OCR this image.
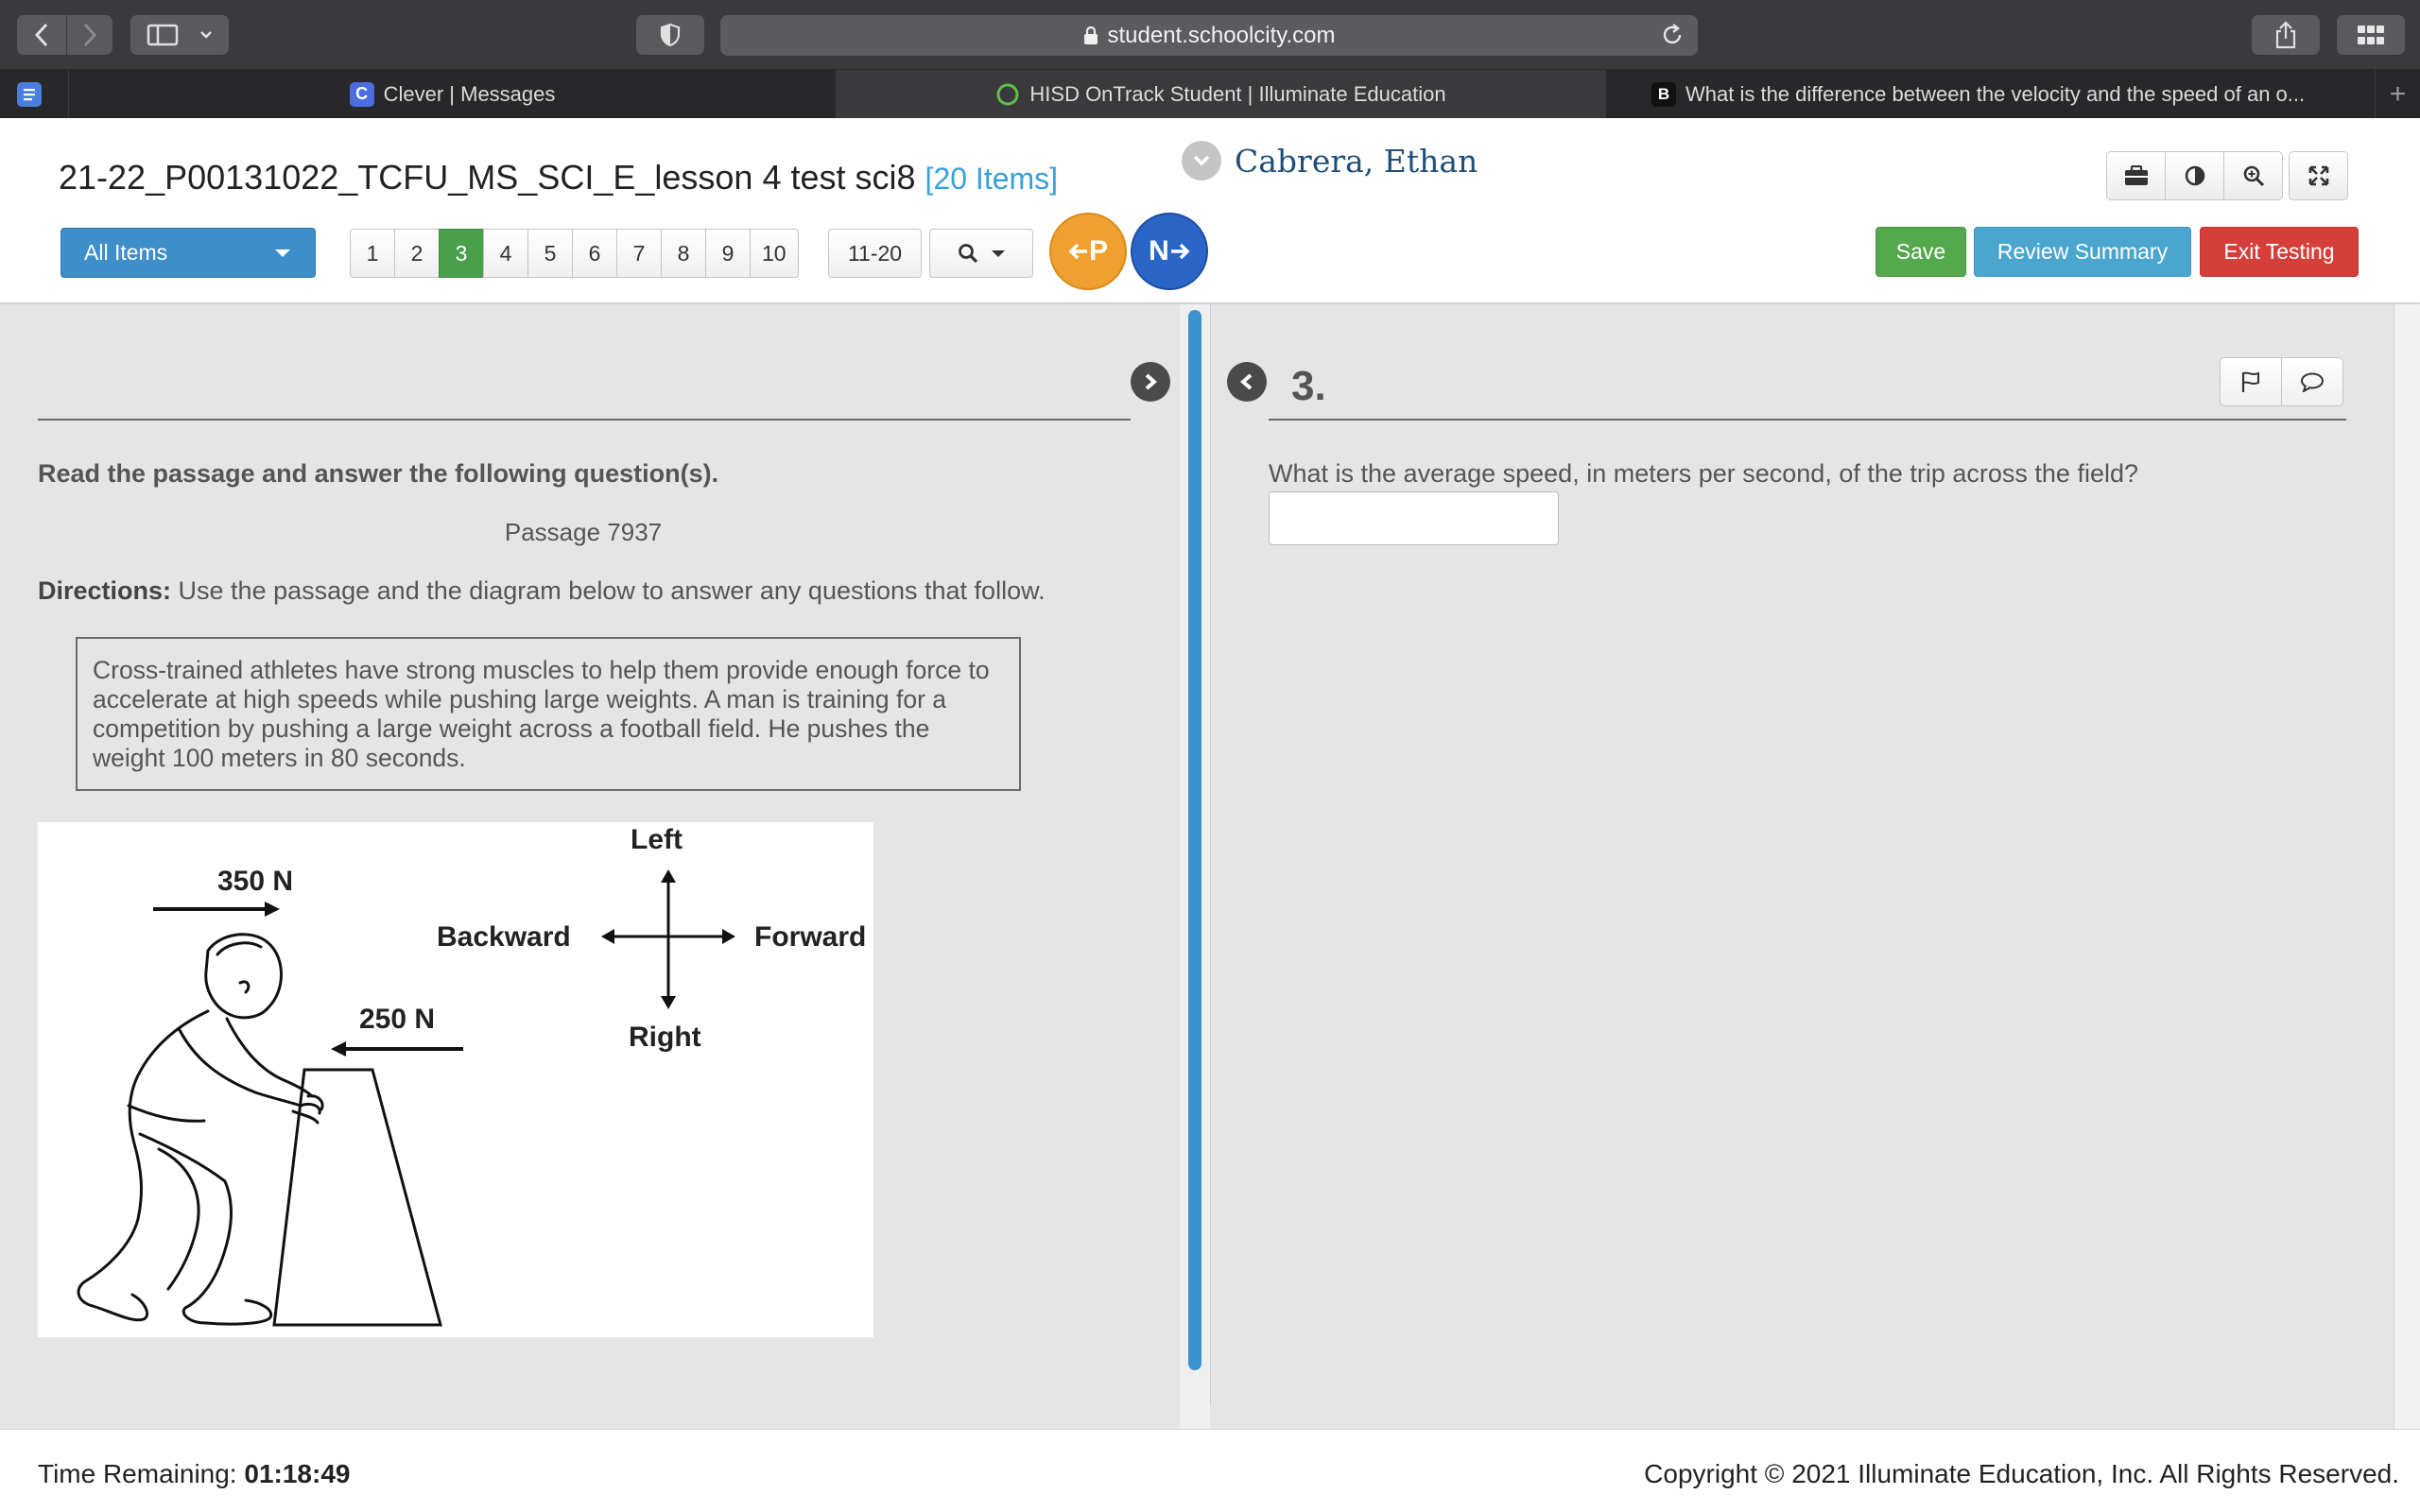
student.schoolcity.com
C Clever | Messages	HISD OnTrack Student | Illuminate Education	B What is the difference between the velocity and the speed of an o...	+
21-22_P00131022_TCFU_MS_SCI_E_lesson 4 test sci8 [20 Items]	Cabrera, Ethan
All Items	1	2	3	4	5	6	7	8	9	10	11-20	P N	Save	Review Summary	Exit Testing
Read the passage and answer the following question(s).
Passage 7937
Directions: Use the passage and the diagram below to answer any questions that follow.
Cross-trained athletes have strong muscles to help them provide enough force to accelerate at high speeds while pushing large weights. A man is training for a competition by pushing a large weight across a football field. He pushes the weight 100 meters in 80 seconds.
350 N
250 N
Left
Right
Backward	Forward
3.
What is the average speed, in meters per second, of the trip across the field?
Time Remaining: 01:18:49	Copyright © 2021 Illuminate Education, Inc. All Rights Reserved.
